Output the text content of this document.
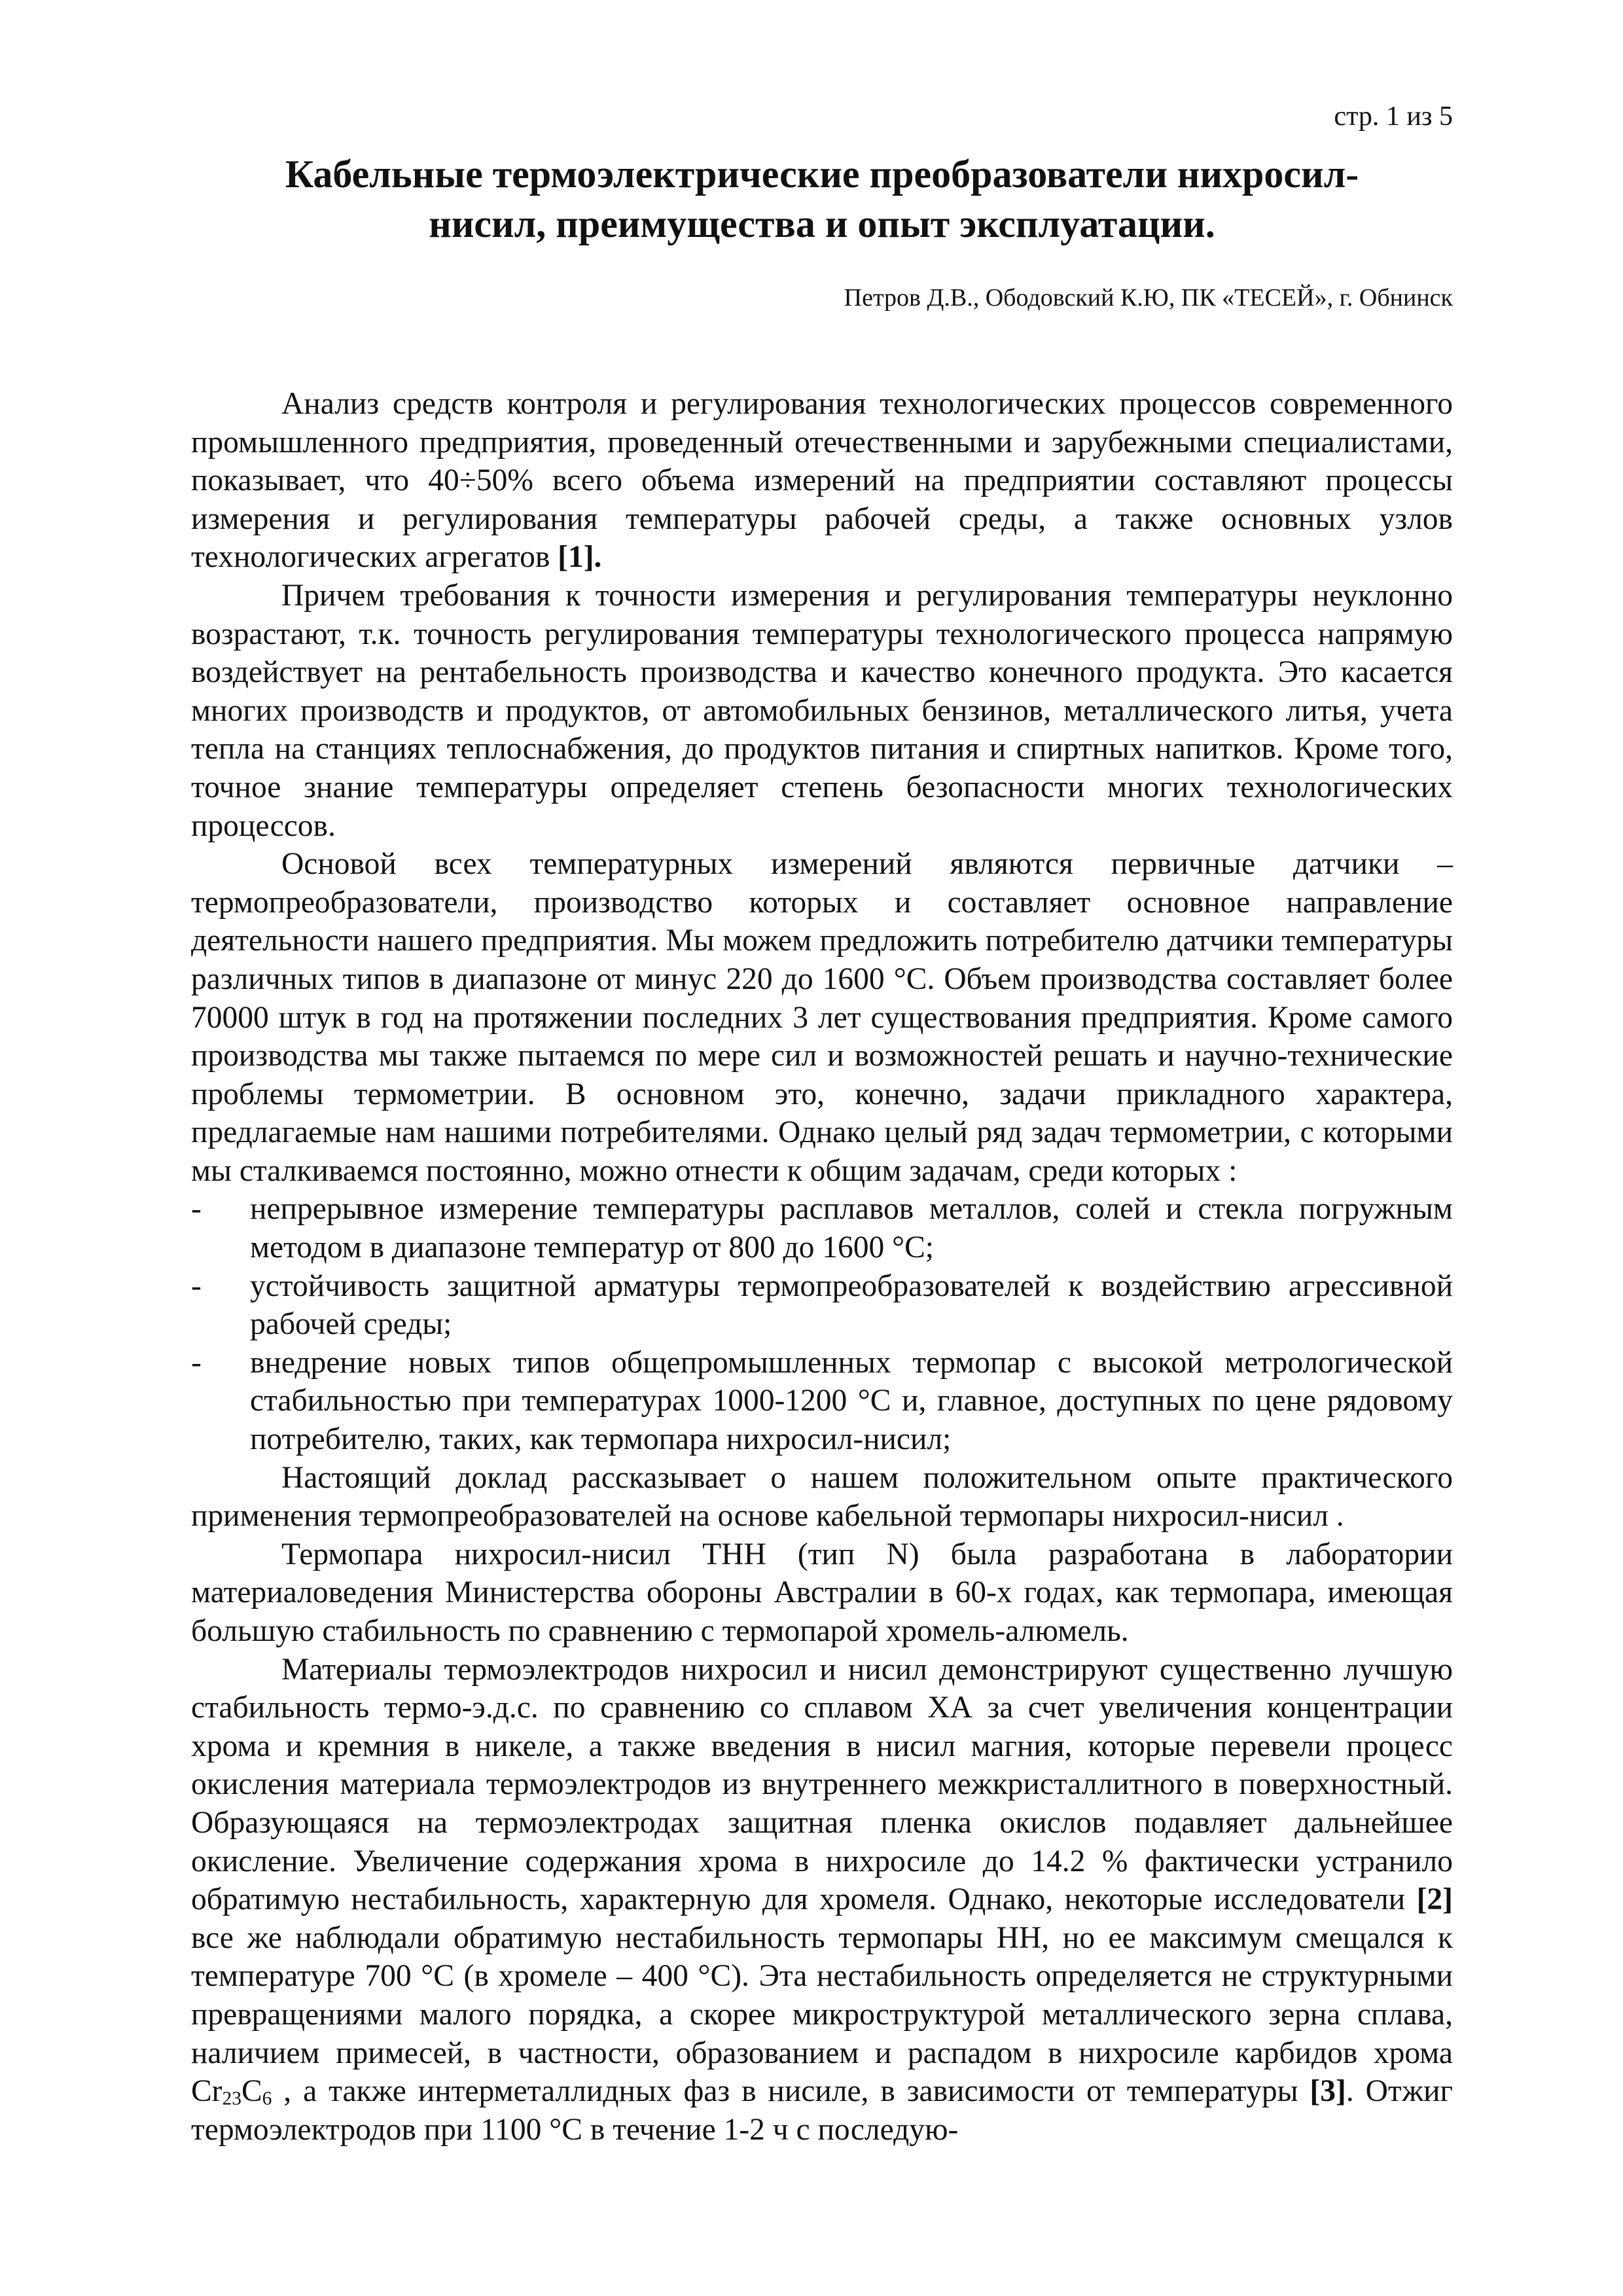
стр. 1 из 5
Кабельные термоэлектрические преобразователи нихросил-
нисил, преимущества и опыт эксплуатации.
Петров Д.В., Ободовский К.Ю, ПК «ТЕСЕЙ», г. Обнинск

Анализ средств контроля и регулирования технологических процессов современного промышленного предприятия, проведенный отечественными и зарубежными специалистами, показывает, что 40÷50% всего объема измерений на предприятии составляют процессы измерения и регулирования температуры рабочей среды, а также основных узлов технологических агрегатов [1].

Причем требования к точности измерения и регулирования температуры неуклонно возрастают, т.к. точность регулирования температуры технологического процесса напрямую воздействует на рентабельность производства и качество конечного продукта. Это касается многих производств и продуктов, от автомобильных бензинов, металлического литья, учета тепла на станциях теплоснабжения, до продуктов питания и спиртных напитков. Кроме того, точное знание температуры определяет степень безопасности многих технологических процессов.

Основой всех температурных измерений являются первичные датчики – термопреобразователи, производство которых и составляет основное направление деятельности нашего предприятия. Мы можем предложить потребителю датчики температуры различных типов в диапазоне от минус 220 до 1600 °С. Объем производства составляет более 70000 штук в год на протяжении последних 3 лет существования предприятия. Кроме самого производства мы также пытаемся по мере сил и возможностей решать и научно-технические проблемы термометрии. В основном это, конечно, задачи прикладного характера, предлагаемые нам нашими потребителями. Однако целый ряд задач термометрии, с которыми мы сталкиваемся постоянно, можно отнести к общим задачам, среди которых :

- непрерывное измерение температуры расплавов металлов, солей и стекла погружным методом в диапазоне температур от 800 до 1600 °С;
- устойчивость защитной арматуры термопреобразователей к воздействию агрессивной рабочей среды;
- внедрение новых типов общепромышленных термопар с высокой метрологической стабильностью при температурах 1000-1200 °С и, главное, доступных по цене рядовому потребителю, таких, как термопара нихросил-нисил;

Настоящий доклад рассказывает о нашем положительном опыте практического применения термопреобразователей на основе кабельной термопары нихросил-нисил .

Термопара нихросил-нисил ТНН (тип N) была разработана в лаборатории материаловедения Министерства обороны Австралии в 60-х годах, как термопара, имеющая большую стабильность по сравнению с термопарой хромель-алюмель.

Материалы термоэлектродов нихросил и нисил демонстрируют существенно лучшую стабильность термо-э.д.с. по сравнению со сплавом ХА за счет увеличения концентрации хрома и кремния в никеле, а также введения в нисил магния, которые перевели процесс окисления материала термоэлектродов из внутреннего межкристаллитного в поверхностный. Образующаяся на термоэлектродах защитная пленка окислов подавляет дальнейшее окисление. Увеличение содержания хрома в нихросиле до 14.2 % фактически устранило обратимую нестабильность, характерную для хромеля. Однако, некоторые исследователи [2] все же наблюдали обратимую нестабильность термопары НН, но ее максимум смещался к температуре 700 °С (в хромеле – 400 °С). Эта нестабильность определяется не структурными превращениями малого порядка, а скорее микроструктурой металлического зерна сплава, наличием примесей, в частности, образованием и распадом в нихросиле карбидов хрома $Cr_{23}C_6$ , а также интерметаллидных фаз в нисиле, в зависимости от температуры [3]. Отжиг термоэлектродов при 1100 °С в течение 1-2 ч с последую-
